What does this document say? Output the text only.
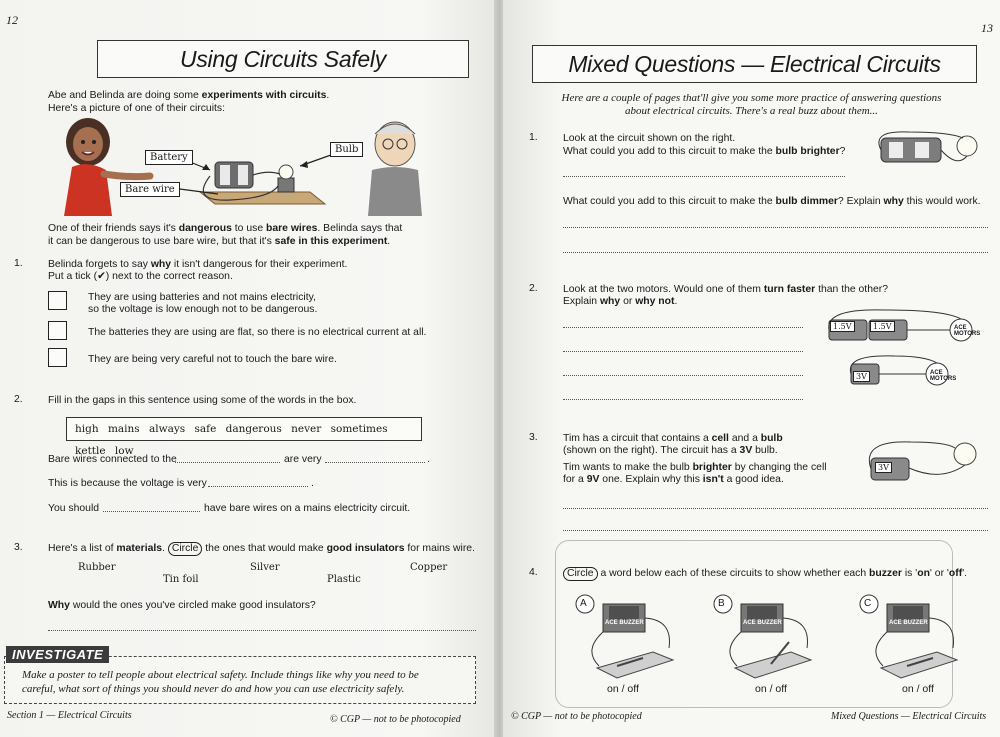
12
Using Circuits Safely
Abe and Belinda are doing some experiments with circuits.
Here's a picture of one of their circuits:
Battery
Bulb
Bare wire
One of their friends says it's dangerous to use bare wires. Belinda says that
it can be dangerous to use bare wire, but that it's safe in this experiment.
1. Belinda forgets to say why it isn't dangerous for their experiment.
Put a tick (✔) next to the correct reason.
They are using batteries and not mains electricity,
so the voltage is low enough not to be dangerous.
The batteries they are using are flat, so there is no electrical current at all.
They are being very careful not to touch the bare wire.
2. Fill in the gaps in this sentence using some of the words in the box.
high mains always safe dangerous never sometimes kettle low
Bare wires connected to the	are very	.
This is because the voltage is very	.
You should	have bare wires on a mains electricity circuit.
3. Here's a list of materials. Circle the ones that would make good insulators for mains wire.
Rubber
Tin foil
Silver
Plastic
Copper
Why would the ones you've circled make good insulators?
INVESTIGATE
Make a poster to tell people about electrical safety. Include things like why you need to be
careful, what sort of things you should never do and how you can use electricity safely.
Section 1 — Electrical Circuits	© CGP — not to be photocopied
13
Mixed Questions — Electrical Circuits
Here are a couple of pages that'll give you some more practice of answering questions
about electrical circuits. There's a real buzz about them...
1. Look at the circuit shown on the right.
What could you add to this circuit to make the bulb brighter?
What could you add to this circuit to make the bulb dimmer? Explain why this would work.
2. Look at the two motors. Would one of them turn faster than the other?
Explain why or why not.
1.5V	1.5V
3V
ACE MOTORS
ACE MOTORS
3. Tim has a circuit that contains a cell and a bulb
(shown on the right). The circuit has a 3V bulb.
Tim wants to make the bulb brighter by changing the cell
for a 9V one. Explain why this isn't a good idea.
3V
4.	Circle a word below each of these circuits to show whether each buzzer is 'on' or 'off'.
A	B	C
ACE BUZZER	ACE BUZZER	ACE BUZZER
on / off	on / off	on / off
© CGP — not to be photocopied	Mixed Questions — Electrical Circuits
